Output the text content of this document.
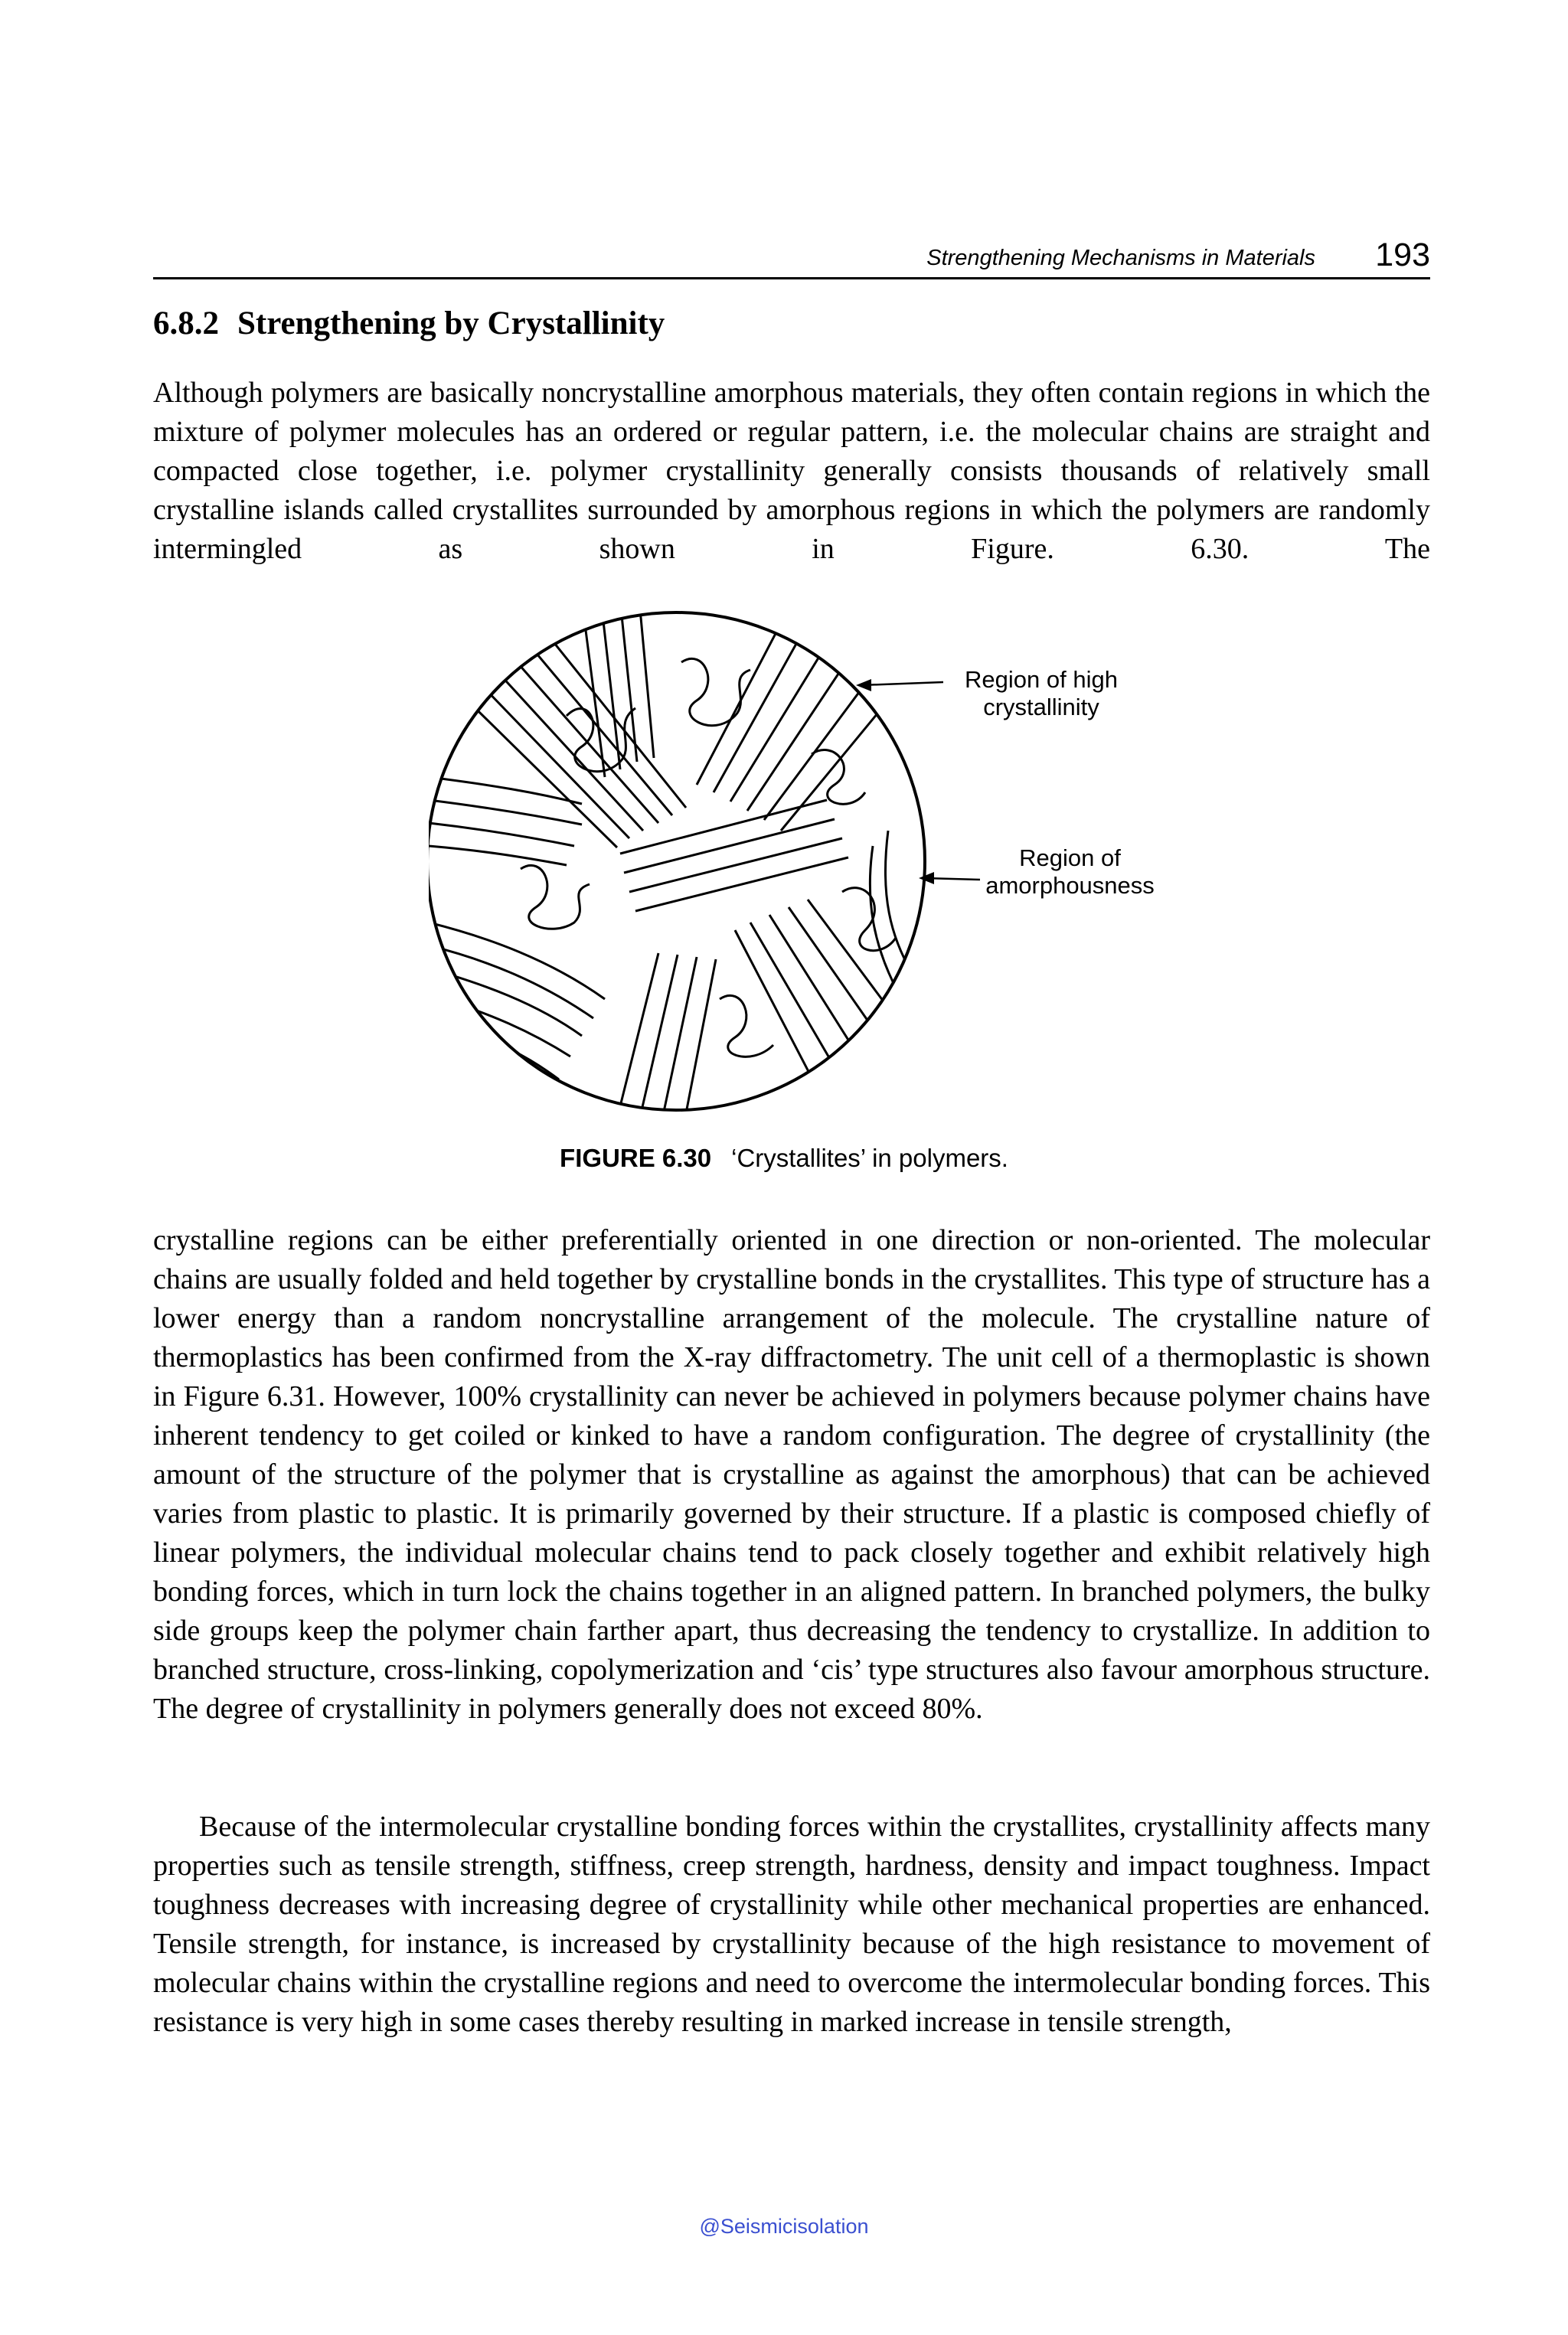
Strengthening Mechanisms in Materials 193
6.8.2 Strengthening by Crystallinity

Although polymers are basically noncrystalline amorphous materials, they often contain regions in which the mixture of polymer molecules has an ordered or regular pattern, i.e. the molecular chains are straight and compacted close together, i.e. polymer crystallinity generally consists thousands of relatively small crystalline islands called crystallites surrounded by amorphous regions in which the polymers are randomly intermingled as shown in Figure. 6.30. The

Region of high
crystallinity
Region of
amorphousness
FIGURE 6.30 ‘Crystallites’ in polymers.

crystalline regions can be either preferentially oriented in one direction or non-oriented. The molecular chains are usually folded and held together by crystalline bonds in the crystallites. This type of structure has a lower energy than a random noncrystalline arrangement of the molecule. The crystalline nature of thermoplastics has been confirmed from the X-ray diffractometry. The unit cell of a thermoplastic is shown in Figure 6.31. However, 100% crystallinity can never be achieved in polymers because polymer chains have inherent tendency to get coiled or kinked to have a random configuration. The degree of crystallinity (the amount of the structure of the polymer that is crystalline as against the amorphous) that can be achieved varies from plastic to plastic. It is primarily governed by their structure. If a plastic is composed chiefly of linear polymers, the individual molecular chains tend to pack closely together and exhibit relatively high bonding forces, which in turn lock the chains together in an aligned pattern. In branched polymers, the bulky side groups keep the polymer chain farther apart, thus decreasing the tendency to crystallize. In addition to branched structure, cross-linking, copolymerization and ‘cis’ type structures also favour amorphous structure. The degree of crystallinity in polymers generally does not exceed 80%.

Because of the intermolecular crystalline bonding forces within the crystallites, crystallinity affects many properties such as tensile strength, stiffness, creep strength, hardness, density and impact toughness. Impact toughness decreases with increasing degree of crystallinity while other mechanical properties are enhanced. Tensile strength, for instance, is increased by crystallinity because of the high resistance to movement of molecular chains within the crystalline regions and need to overcome the intermolecular bonding forces. This resistance is very high in some cases thereby resulting in marked increase in tensile strength,

@Seismicisolation
